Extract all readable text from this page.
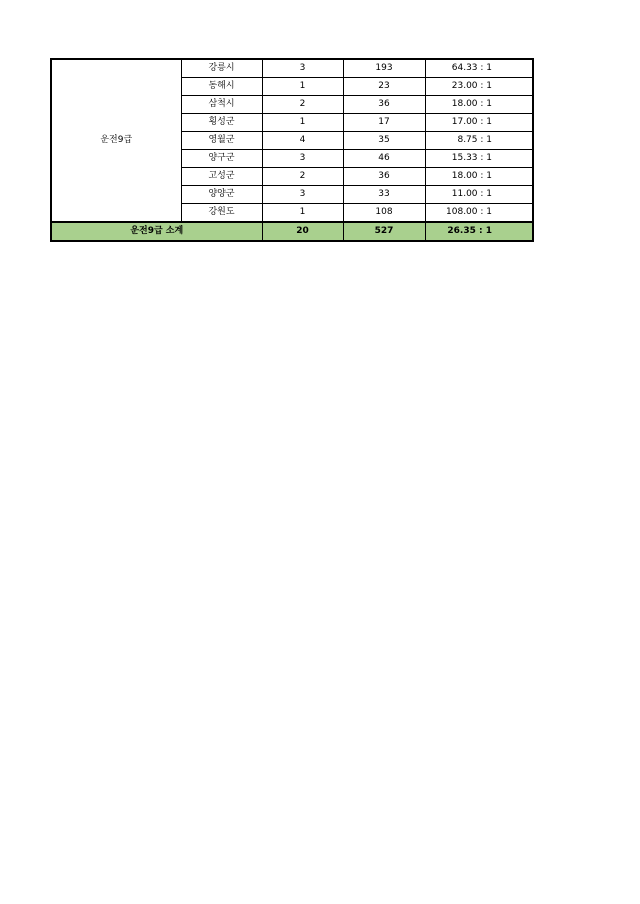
운전9급	강릉시	3	193	64.33 : 1
	동해시	1	23	23.00 : 1
	삼척시	2	36	18.00 : 1
	횡성군	1	17	17.00 : 1
	영월군	4	35	8.75 : 1
	양구군	3	46	15.33 : 1
	고성군	2	36	18.00 : 1
	양양군	3	33	11.00 : 1
	강원도	1	108	108.00 : 1
운전9급 소계		20	527	26.35 : 1
